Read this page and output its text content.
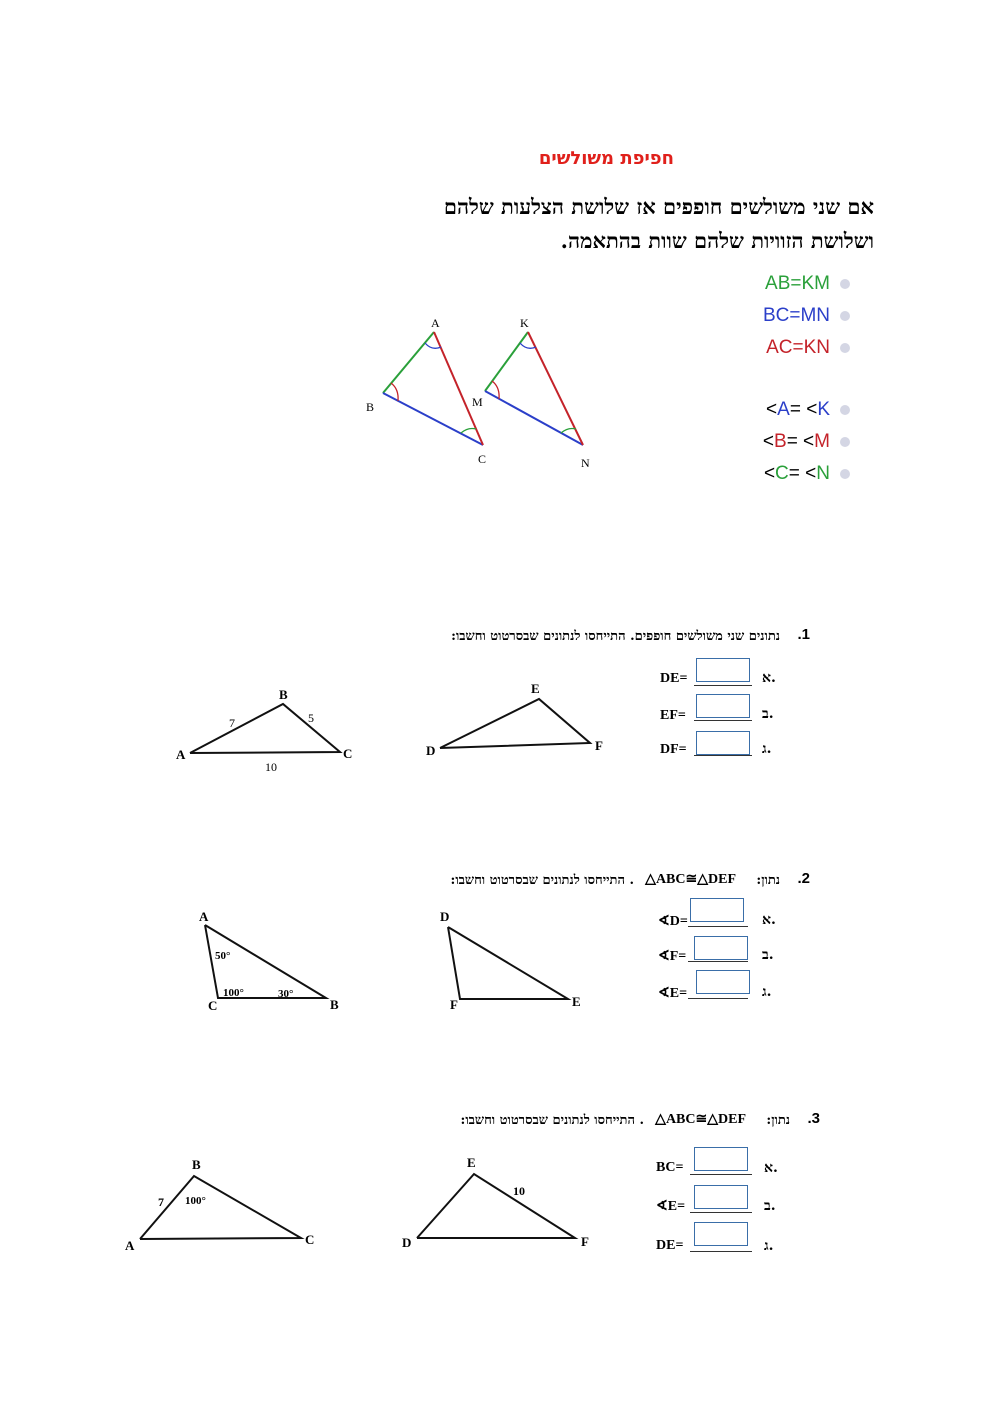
חפיפת משולשים
אם שני משולשים חופפים אז שלושת הצלעות שלהם
ושלושת הזוויות שלהם שוות בהתאמה.
A
B
C
K
M
N
AB=KM
BC=MN
AC=KN
<A= <K
<B= <M
<C= <N
1.
נתונים שני משולשים חופפים. התייחסו לנתונים שבסרטוט וחשבו:
A
B
C
7	5
10
D
E
F
א.
DE=
ב.
EF=
ג.
DF=
2.
נתון:
△ABC≅△DEF
. התייחסו לנתונים שבסרטוט וחשבו:
A
C	B
50°
100°	30°
D
F	E
א.
∢D=
ב.
∢F=
ג.
∢E=
3.
נתון:
△ABC≅△DEF
. התייחסו לנתונים שבסרטוט וחשבו:
A
B
C
7 100°
D
E
F
10
א.
BC=
ב.
∢E=
ג.
DE=
